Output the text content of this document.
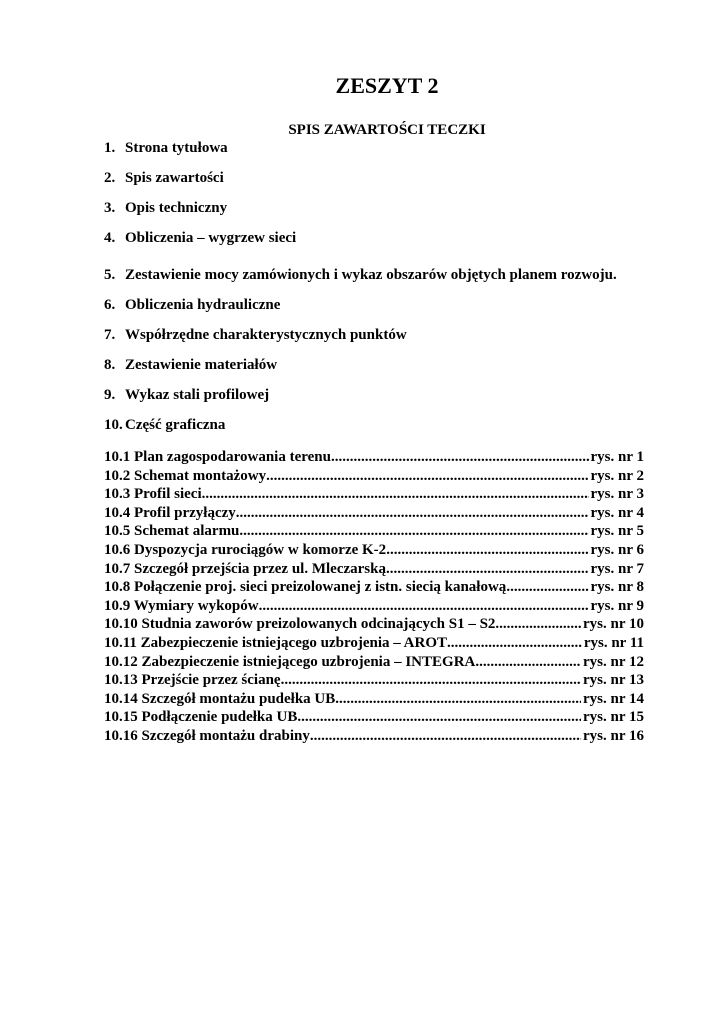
ZESZYT 2
SPIS ZAWARTOŚCI TECZKI
1. Strona tytułowa
2. Spis zawartości
3. Opis techniczny
4. Obliczenia – wygrzew sieci
5. Zestawienie mocy zamówionych i wykaz obszarów objętych planem rozwoju.
6. Obliczenia hydrauliczne
7. Współrzędne charakterystycznych punktów
8. Zestawienie materiałów
9. Wykaz stali profilowej
10. Część graficzna
10.1 Plan zagospodarowania terenu .....	rys. nr 1
10.2 Schemat montażowy .....	rys. nr 2
10.3 Profil sieci .....	rys. nr 3
10.4 Profil przyłączy .....	rys. nr 4
10.5 Schemat alarmu .....	rys. nr 5
10.6 Dyspozycja rurociągów w komorze K-2 .....	rys. nr 6
10.7 Szczegół przejścia przez ul. Mleczarską .....	rys. nr 7
10.8 Połączenie proj. sieci preizolowanej z istn. siecią kanałową .....	rys. nr 8
10.9 Wymiary wykopów .....	rys. nr 9
10.10 Studnia zaworów preizolowanych odcinających S1 – S2 .....	rys. nr 10
10.11 Zabezpieczenie istniejącego uzbrojenia – AROT .....	rys. nr 11
10.12 Zabezpieczenie istniejącego uzbrojenia – INTEGRA .....	rys. nr 12
10.13 Przejście przez ścianę .....	rys. nr 13
10.14 Szczegół montażu pudełka UB .....	rys. nr 14
10.15 Podłączenie pudełka UB .....	rys. nr 15
10.16 Szczegół montażu drabiny .....	rys. nr 16
